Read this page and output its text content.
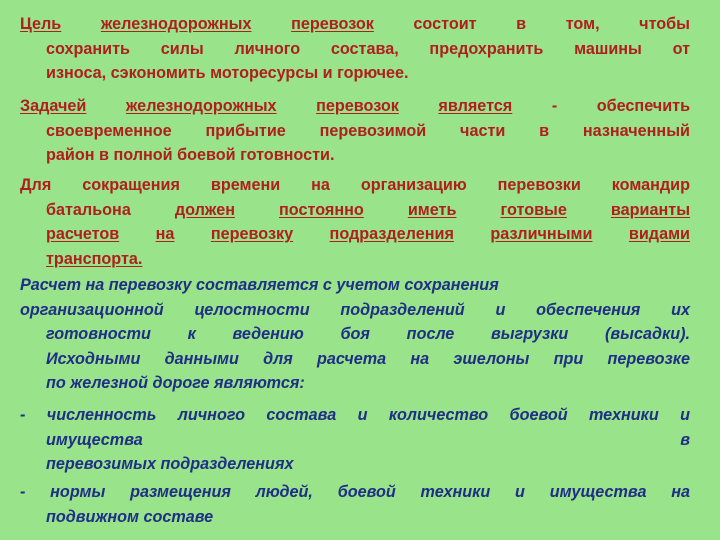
Цель железнодорожных перевозок состоит в том, чтобы
сохранить силы личного состава, предохранить машины от
износа, сэкономить моторесурсы и горючее.
Задачей железнодорожных перевозок является - обеспечить
своевременное прибытие перевозимой части в назначенный
район в полной боевой готовности.
Для сокращения времени на организацию перевозки командир
батальона	должен	постоянно	иметь	готовые	варианты
расчетов на перевозку подразделения различными видами
транспорта.
Расчет на перевозку составляется с учетом сохранения
организационной целостности подразделений и обеспечения их
готовности к ведению боя после выгрузки (высадки).
Исходными данными для расчета на эшелоны при перевозке
по железной дороге являются:
- численность личного состава и количество боевой техники и
имущества	в
перевозимых подразделениях
- нормы размещения людей, боевой техники и имущества на
подвижном составе
